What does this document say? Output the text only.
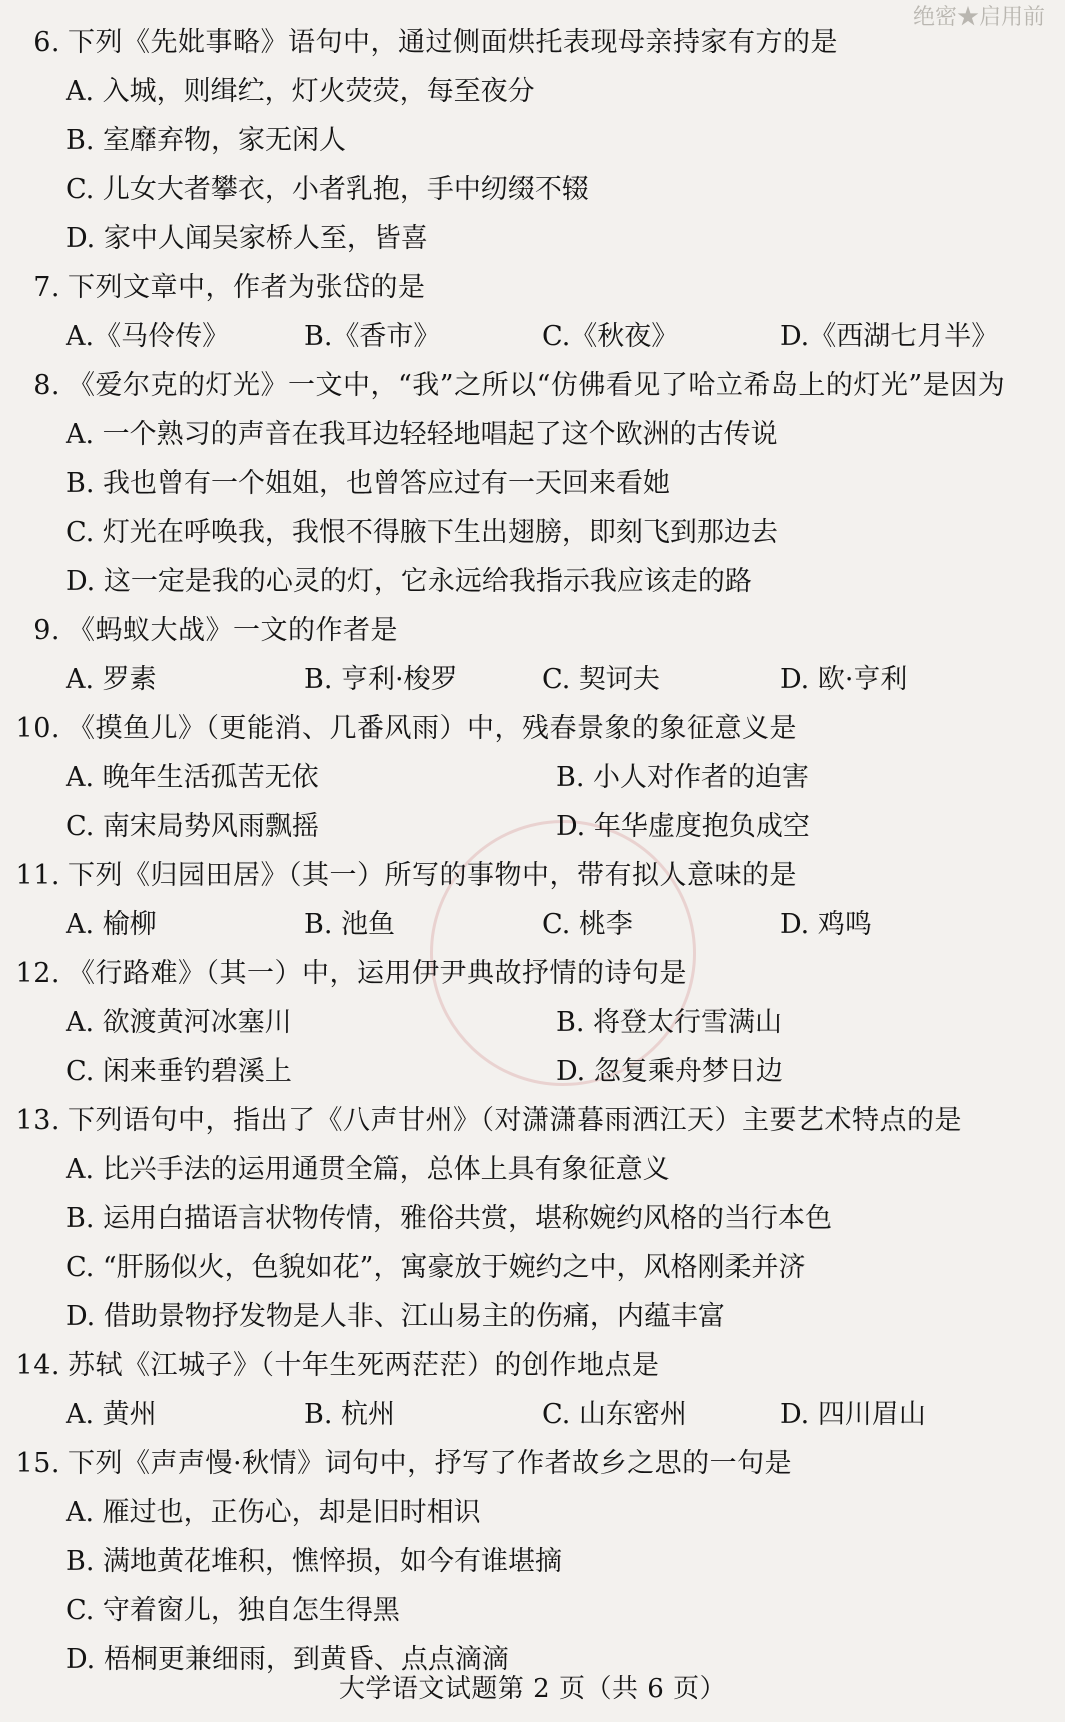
绝密★启用前
6. 下列《先妣事略》语句中，通过侧面烘托表现母亲持家有方的是
A. 入城，则缉纻，灯火荧荧，每至夜分
B. 室靡弃物，家无闲人
C. 儿女大者攀衣，小者乳抱，手中纫缀不辍
D. 家中人闻吴家桥人至，皆喜
7. 下列文章中，作者为张岱的是
A.《马伶传》	B.《香市》	C.《秋夜》	D.《西湖七月半》
8. 《爱尔克的灯光》一文中，“我”之所以“仿佛看见了哈立希岛上的灯光”是因为
A. 一个熟习的声音在我耳边轻轻地唱起了这个欧洲的古传说
B. 我也曾有一个姐姐，也曾答应过有一天回来看她
C. 灯光在呼唤我，我恨不得腋下生出翅膀，即刻飞到那边去
D. 这一定是我的心灵的灯，它永远给我指示我应该走的路
9. 《蚂蚁大战》一文的作者是
A. 罗素	B. 亨利·梭罗	C. 契诃夫	D. 欧·亨利
10. 《摸鱼儿》（更能消、几番风雨）中，残春景象的象征意义是
A. 晚年生活孤苦无依	B. 小人对作者的迫害
C. 南宋局势风雨飘摇	D. 年华虚度抱负成空
11. 下列《归园田居》（其一）所写的事物中，带有拟人意味的是
A. 榆柳	B. 池鱼	C. 桃李	D. 鸡鸣
12. 《行路难》（其一）中，运用伊尹典故抒情的诗句是
A. 欲渡黄河冰塞川	B. 将登太行雪满山
C. 闲来垂钓碧溪上	D. 忽复乘舟梦日边
13. 下列语句中，指出了《八声甘州》（对潇潇暮雨洒江天）主要艺术特点的是
A. 比兴手法的运用通贯全篇，总体上具有象征意义
B. 运用白描语言状物传情，雅俗共赏，堪称婉约风格的当行本色
C. “肝肠似火，色貌如花”，寓豪放于婉约之中，风格刚柔并济
D. 借助景物抒发物是人非、江山易主的伤痛，内蕴丰富
14. 苏轼《江城子》（十年生死两茫茫）的创作地点是
A. 黄州	B. 杭州	C. 山东密州	D. 四川眉山
15. 下列《声声慢·秋情》词句中，抒写了作者故乡之思的一句是
A. 雁过也，正伤心，却是旧时相识
B. 满地黄花堆积，憔悴损，如今有谁堪摘
C. 守着窗儿，独自怎生得黑
D. 梧桐更兼细雨，到黄昏、点点滴滴
大学语文试题第 2 页（共 6 页）
